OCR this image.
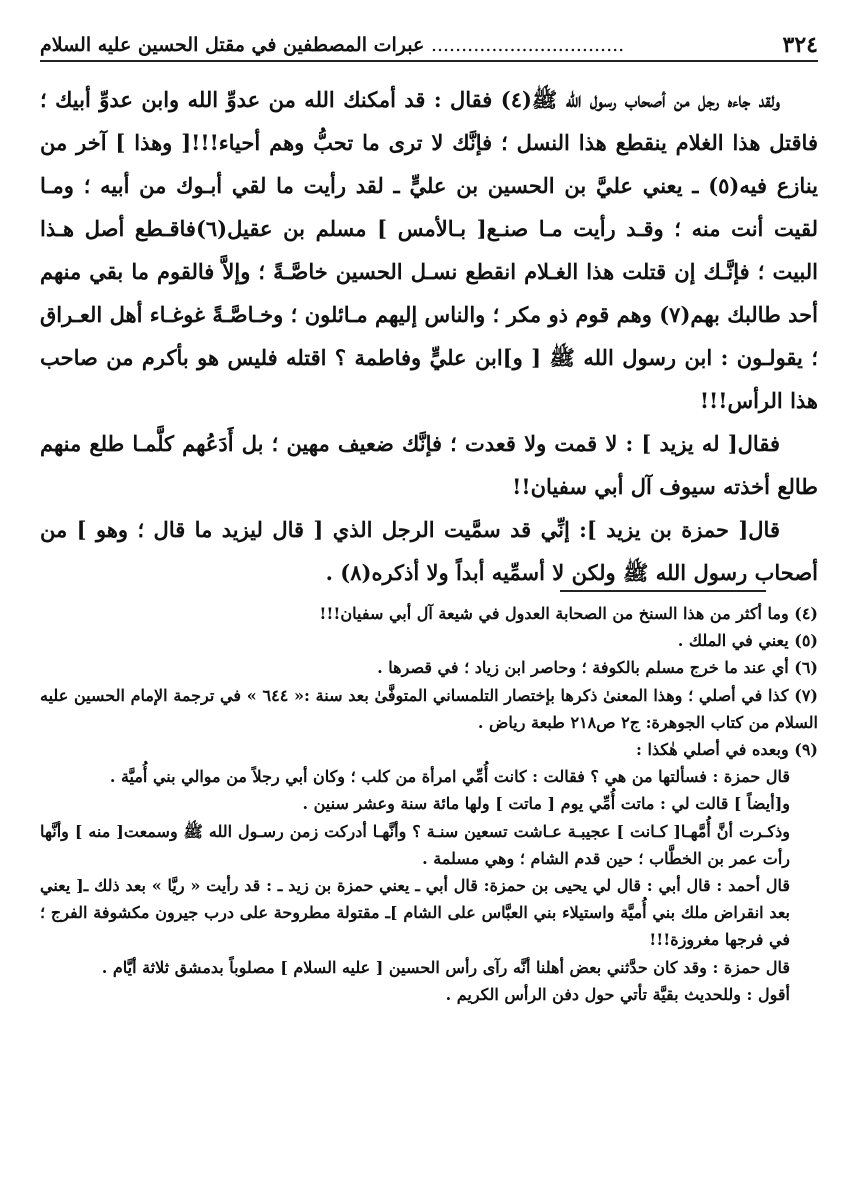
عبرات المصطفين في مقتل الحسين عليه السلام ................................	٣٢٤

ولقد جاءه رجل من أصحاب رسول الله ﷺ(٤) فقال : قد أمكنك الله من عدوِّ الله وابن عدوِّ أبيك ؛ فاقتل هذا الغلام ينقطع هذا النسل ؛ فإنَّك لا ترى ما تحبُّ وهم أحياء!!![ وهذا ] آخر من ينازع فيه(٥) ـ يعني عليَّ بن الحسين بن عليٍّ ـ لقد رأيت ما لقي أبـوك من أبيه ؛ ومـا لقيت أنت منه ؛ وقـد رأيت مـا صنـع[ بـالأمس ] مسلم بن عقيل(٦)فاقـطع أصل هـذا البيت ؛ فإنَّـك إن قتلت هذا الغـلام انقطع نسـل الحسين خاصَّـةً ؛ وإلاَّ فالقوم ما بقي منهم أحد طالبك بهم(٧) وهم قوم ذو مكر ؛ والناس إليهم مـائلون ؛ وخـاصَّـةً غوغـاء أهل العـراق ؛ يقولـون : ابن رسول الله ﷺ [ و]ابن عليٍّ وفاطمة ؟ اقتله فليس هو بأكرم من صاحب هذا الرأس!!!

فقال[ له يزيد ] : لا قمت ولا قعدت ؛ فإنَّك ضعيف مهين ؛ بل أَدَعُهم كلَّمـا طلع منهم طالع أخذته سيوف آل أبي سفيان!!

قال[ حمزة بن يزيد ]: إنِّي قد سمَّيت الرجل الذي [ قال ليزيد ما قال ؛ وهو ] من أصحاب رسول الله ﷺ ولكن لا أسمِّيه أبداً ولا أذكره(٨) .

(٤) وما أكثر من هذا السنخ من الصحابة العدول في شيعة آل أبي سفيان!!!

(٥) يعني في الملك .

(٦) أي عند ما خرج مسلم بالكوفة ؛ وحاصر ابن زياد ؛ في قصرها .

(٧) كذا في أصلي ؛ وهذا المعنىٰ ذكرها بإختصار التلمساني المتوفَّىٰ بعد سنة :« ٦٤٤ » في ترجمة الإمام الحسين عليه السلام من كتاب الجوهرة: ج٢ ص٢١٨ طبعة رياض .

(٩) وبعده في أصلي هٰكذا :

قال حمزة : فسألتها من هي ؟ فقالت : كانت أُمِّي امرأة من كلب ؛ وكان أبي رجلاً من موالي بني أُميَّة .

و[أيضاً ] قالت لي : ماتت أُمِّي يوم [ ماتت ] ولها مائة سنة وعشر سنين .

وذكـرت أنَّ أُمَّهـا[ كـانت ] عجيبـة عـاشت تسعين سنـة ؟ وأنَّهـا أدركت زمن رسـول الله ﷺ وسمعت[ منه ] وأنَّها رأت عمر بن الخطَّاب ؛ حين قدم الشام ؛ وهي مسلمة .

قال أحمد : قال أبي : قال لي يحيى بن حمزة: قال أبي ـ يعني حمزة بن زيد ـ : قد رأيت « ريَّا » بعد ذلك ـ[ يعني بعد انقراض ملك بني أُميَّة واستيلاء بني العبَّاس على الشام ]ـ مقتولة مطروحة على درب جيرون مكشوفة الفرج ؛ في فرجها مغروزة!!!

قال حمزة : وقد كان حدَّثني بعض أهلنا أنَّه رآى رأس الحسين [ عليه السلام ] مصلوباً بدمشق ثلاثة أيَّام .

أقول : وللحديث بقيَّة تأتي حول دفن الرأس الكريم .
